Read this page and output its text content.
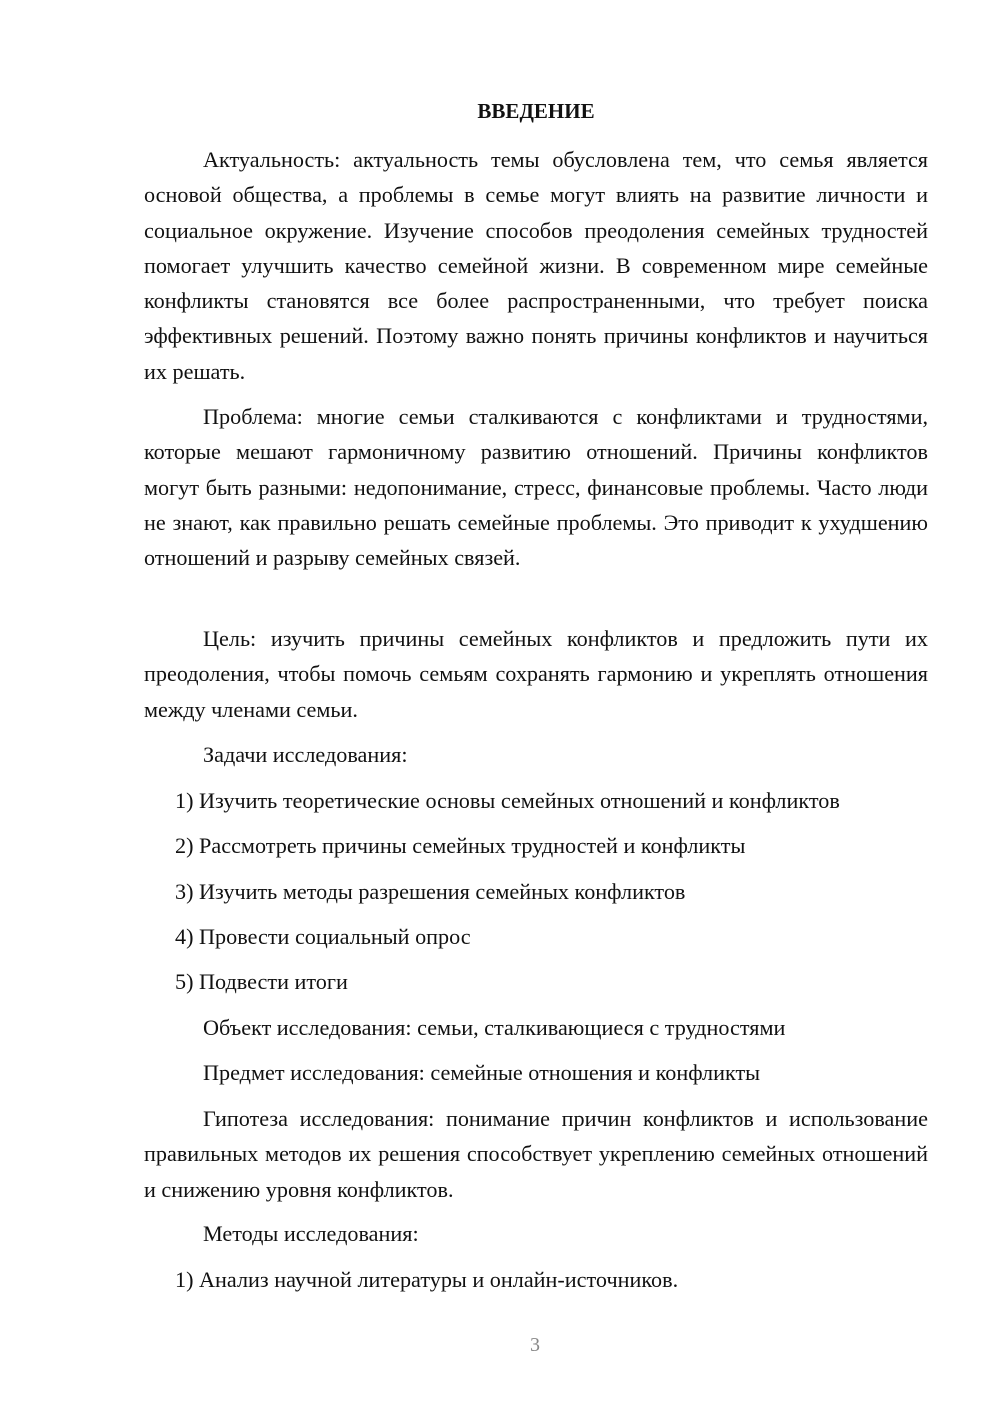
ВВЕДЕНИЕ

Актуальность: актуальность темы обусловлена тем, что семья является основой общества, а проблемы в семье могут влиять на развитие личности и социальное окружение. Изучение способов преодоления семейных трудностей помогает улучшить качество семейной жизни. В современном мире семейные конфликты становятся все более распространенными, что требует поиска эффективных решений. Поэтому важно понять причины конфликтов и научиться их решать.

Проблема: многие семьи сталкиваются с конфликтами и трудностями, которые мешают гармоничному развитию отношений. Причины конфликтов могут быть разными: недопонимание, стресс, финансовые проблемы. Часто люди не знают, как правильно решать семейные проблемы. Это приводит к ухудшению отношений и разрыву семейных связей.

Цель: изучить причины семейных конфликтов и предложить пути их преодоления, чтобы помочь семьям сохранять гармонию и укреплять отношения между членами семьи.

Задачи исследования:

1) Изучить теоретические основы семейных отношений и конфликтов

2) Рассмотреть причины семейных трудностей и конфликты

3) Изучить методы разрешения семейных конфликтов

4) Провести социальный опрос

5) Подвести итоги

Объект исследования: семьи, сталкивающиеся с трудностями

Предмет исследования: семейные отношения и конфликты

Гипотеза исследования: понимание причин конфликтов и использование правильных методов их решения способствует укреплению семейных отношений и снижению уровня конфликтов.

Методы исследования:

1) Анализ научной литературы и онлайн-источников.

3
